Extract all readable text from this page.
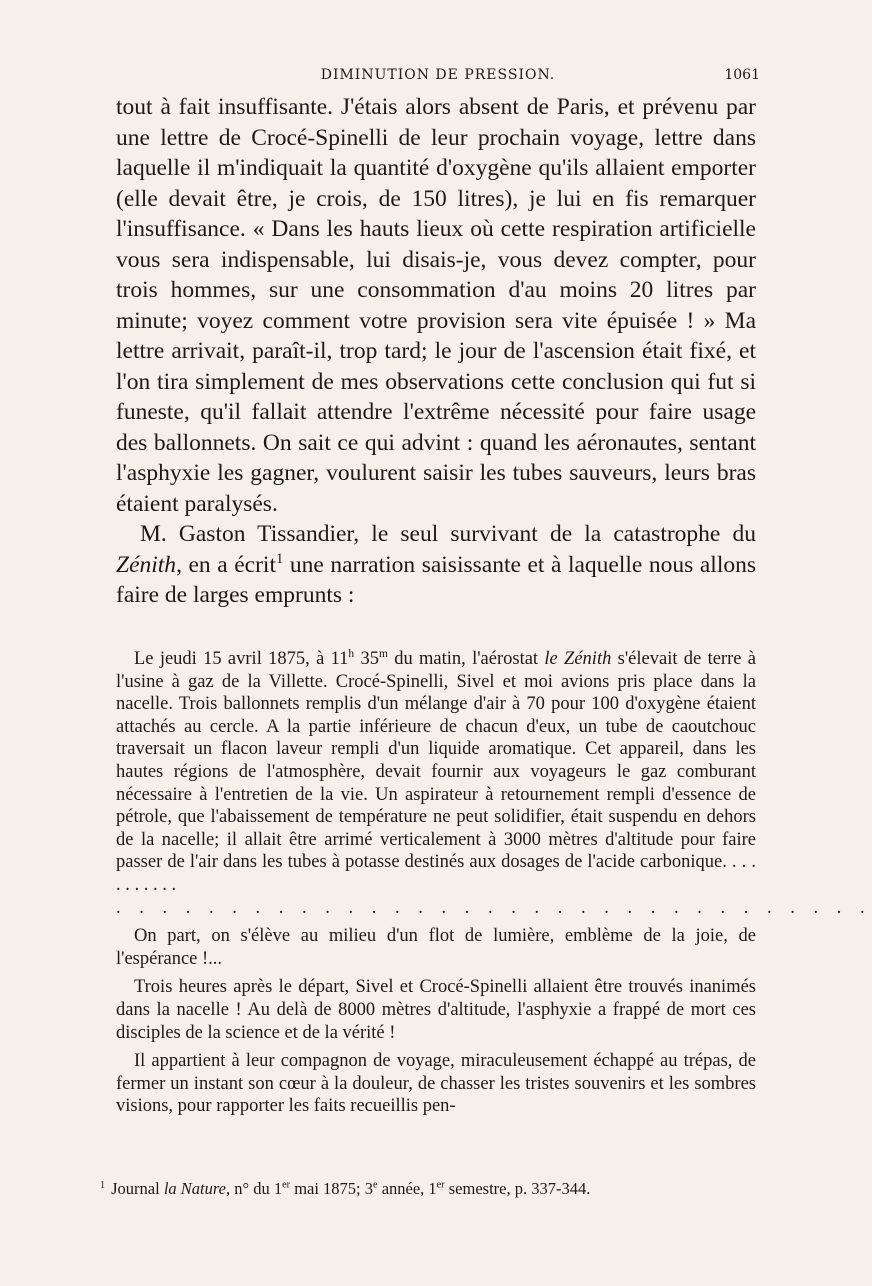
DIMINUTION DE PRESSION.	1061

tout à fait insuffisante. J'étais alors absent de Paris, et prévenu par une lettre de Crocé-Spinelli de leur prochain voyage, lettre dans laquelle il m'indiquait la quantité d'oxygène qu'ils allaient emporter (elle devait être, je crois, de 150 litres), je lui en fis remarquer l'insuffisance. « Dans les hauts lieux où cette respiration artificielle vous sera indispensable, lui disais-je, vous devez compter, pour trois hommes, sur une consommation d'au moins 20 litres par minute; voyez comment votre provision sera vite épuisée ! » Ma lettre arrivait, paraît-il, trop tard; le jour de l'ascension était fixé, et l'on tira simplement de mes observations cette conclusion qui fut si funeste, qu'il fallait attendre l'extrême nécessité pour faire usage des ballonnets. On sait ce qui advint : quand les aéronautes, sentant l'asphyxie les gagner, voulurent saisir les tubes sauveurs, leurs bras étaient paralysés.

M. Gaston Tissandier, le seul survivant de la catastrophe du Zénith, en a écrit$^1$ une narration saisissante et à laquelle nous allons faire de larges emprunts :

Le jeudi 15 avril 1875, à 11$^h$ 35$^m$ du matin, l'aérostat le Zénith s'élevait de terre à l'usine à gaz de la Villette. Crocé-Spinelli, Sivel et moi avions pris place dans la nacelle. Trois ballonnets remplis d'un mélange d'air à 70 pour 100 d'oxygène étaient attachés au cercle. A la partie inférieure de chacun d'eux, un tube de caoutchouc traversait un flacon laveur rempli d'un liquide aromatique. Cet appareil, dans les hautes régions de l'atmosphère, devait fournir aux voyageurs le gaz comburant nécessaire à l'entretien de la vie. Un aspirateur à retournement rempli d'essence de pétrole, que l'abaissement de température ne peut solidifier, était suspendu en dehors de la nacelle; il allait être arrimé verticalement à 3000 mètres d'altitude pour faire passer de l'air dans les tubes à potasse destinés aux dosages de l'acide carbonique. . . . . . . . . . .

. . . . . . . . . . . . . . . . . . . . . . . . . . . . . . . . .

On part, on s'élève au milieu d'un flot de lumière, emblème de la joie, de l'espérance !...

Trois heures après le départ, Sivel et Crocé-Spinelli allaient être trouvés inanimés dans la nacelle ! Au delà de 8000 mètres d'altitude, l'asphyxie a frappé de mort ces disciples de la science et de la vérité !

Il appartient à leur compagnon de voyage, miraculeusement échappé au trépas, de fermer un instant son cœur à la douleur, de chasser les tristes souvenirs et les sombres visions, pour rapporter les faits recueillis pen-

$^1$ Journal la Nature, n° du 1er mai 1875; 3e année, 1er semestre, p. 337-344.
